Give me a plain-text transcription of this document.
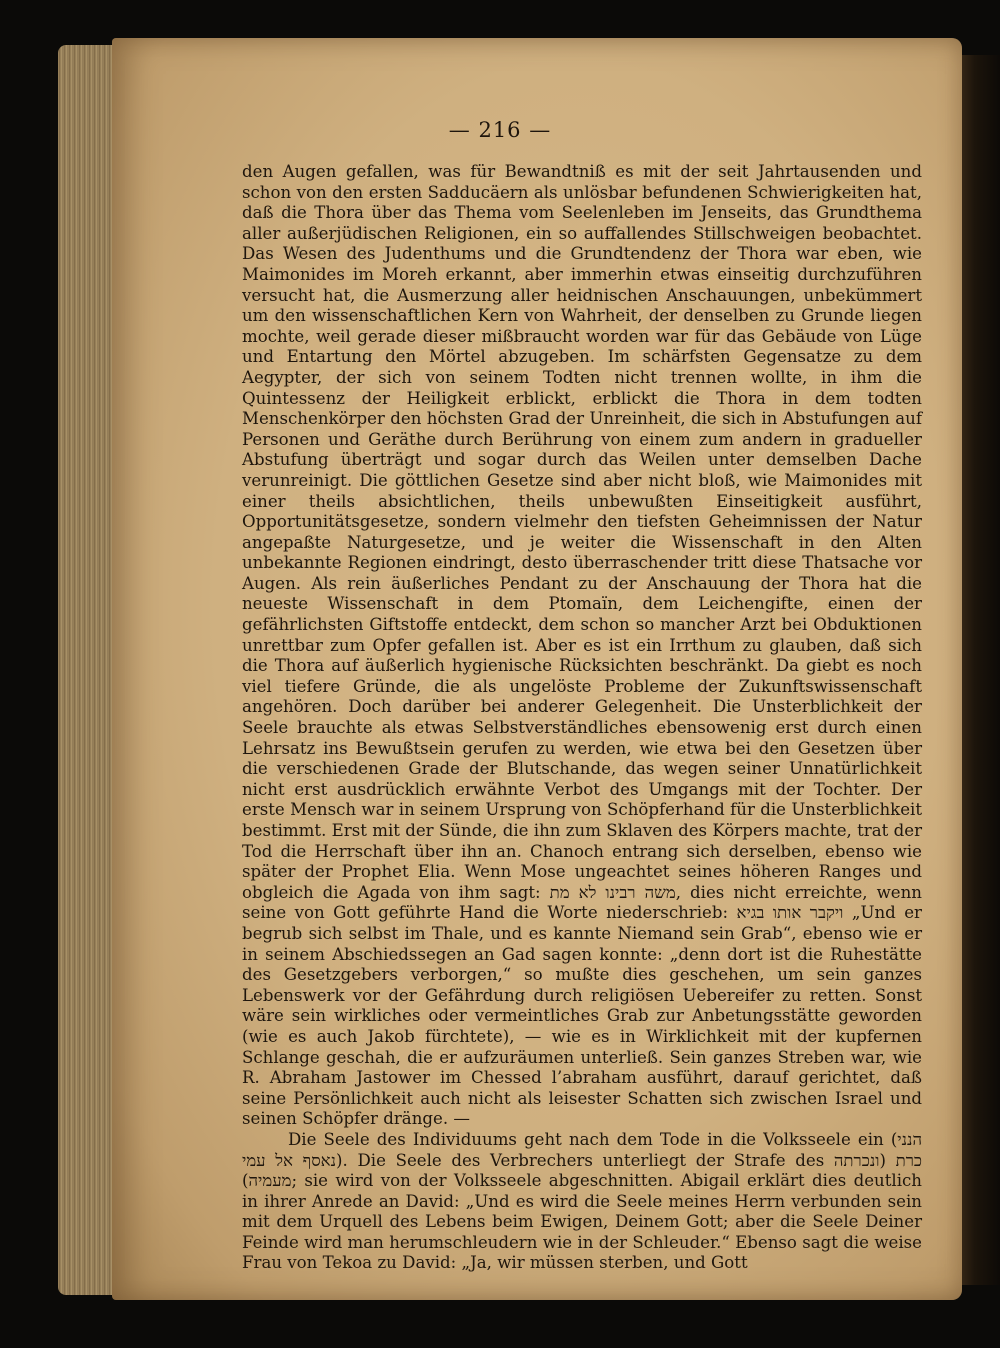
— 216 —

den Augen gefallen, was für Bewandtniß es mit der seit Jahrtausenden und schon von den ersten Sadducäern als unlösbar befundenen Schwierigkeiten hat, daß die Thora über das Thema vom Seelenleben im Jenseits, das Grundthema aller außerjüdischen Religionen, ein so auffallendes Stillschweigen beobachtet. Das Wesen des Judenthums und die Grundtendenz der Thora war eben, wie Maimonides im Moreh erkannt, aber immerhin etwas einseitig durchzuführen versucht hat, die Ausmerzung aller heidnischen Anschauungen, unbekümmert um den wissenschaftlichen Kern von Wahrheit, der denselben zu Grunde liegen mochte, weil gerade dieser mißbraucht worden war für das Gebäude von Lüge und Entartung den Mörtel abzugeben. Im schärfsten Gegensatze zu dem Aegypter, der sich von seinem Todten nicht trennen wollte, in ihm die Quintessenz der Heiligkeit erblickt, erblickt die Thora in dem todten Menschenkörper den höchsten Grad der Unreinheit, die sich in Abstufungen auf Personen und Geräthe durch Berührung von einem zum andern in gradueller Abstufung überträgt und sogar durch das Weilen unter demselben Dache verunreinigt. Die göttlichen Gesetze sind aber nicht bloß, wie Maimonides mit einer theils absichtlichen, theils unbewußten Einseitigkeit ausführt, Opportunitätsgesetze, sondern vielmehr den tiefsten Geheimnissen der Natur angepaßte Naturgesetze, und je weiter die Wissenschaft in den Alten unbekannte Regionen eindringt, desto überraschender tritt diese Thatsache vor Augen. Als rein äußerliches Pendant zu der Anschauung der Thora hat die neueste Wissenschaft in dem Ptomaïn, dem Leichengifte, einen der gefährlichsten Giftstoffe entdeckt, dem schon so mancher Arzt bei Obduktionen unrettbar zum Opfer gefallen ist. Aber es ist ein Irrthum zu glauben, daß sich die Thora auf äußerlich hygienische Rücksichten beschränkt. Da giebt es noch viel tiefere Gründe, die als ungelöste Probleme der Zukunftswissenschaft angehören. Doch darüber bei anderer Gelegenheit. Die Unsterblichkeit der Seele brauchte als etwas Selbstverständliches ebensowenig erst durch einen Lehrsatz ins Bewußtsein gerufen zu werden, wie etwa bei den Gesetzen über die verschiedenen Grade der Blutschande, das wegen seiner Unnatürlichkeit nicht erst ausdrücklich erwähnte Verbot des Umgangs mit der Tochter. Der erste Mensch war in seinem Ursprung von Schöpferhand für die Unsterblichkeit bestimmt. Erst mit der Sünde, die ihn zum Sklaven des Körpers machte, trat der Tod die Herrschaft über ihn an. Chanoch entrang sich derselben, ebenso wie später der Prophet Elia. Wenn Mose ungeachtet seines höheren Ranges und obgleich die Agada von ihm sagt: משה רבינו לא מת, dies nicht erreichte, wenn seine von Gott geführte Hand die Worte niederschrieb: ויקבר אותו בגיא „Und er begrub sich selbst im Thale, und es kannte Niemand sein Grab“, ebenso wie er in seinem Abschiedssegen an Gad sagen konnte: „denn dort ist die Ruhestätte des Gesetzgebers verborgen,“ so mußte dies geschehen, um sein ganzes Lebenswerk vor der Gefährdung durch religiösen Uebereifer zu retten. Sonst wäre sein wirkliches oder vermeintliches Grab zur Anbetungsstätte geworden (wie es auch Jakob fürchtete), — wie es in Wirklichkeit mit der kupfernen Schlange geschah, die er aufzuräumen unterließ. Sein ganzes Streben war, wie R. Abraham Jastower im Chessed l’abraham ausführt, darauf gerichtet, daß seine Persönlichkeit auch nicht als leisester Schatten sich zwischen Israel und seinen Schöpfer dränge. —

Die Seele des Individuums geht nach dem Tode in die Volksseele ein (הנני נאסף אל עמי). Die Seele des Verbrechers unterliegt der Strafe des כרת (ונכרתה מעמיה); sie wird von der Volksseele abgeschnitten. Abigail erklärt dies deutlich in ihrer Anrede an David: „Und es wird die Seele meines Herrn verbunden sein mit dem Urquell des Lebens beim Ewigen, Deinem Gott; aber die Seele Deiner Feinde wird man herumschleudern wie in der Schleuder.“ Ebenso sagt die weise Frau von Tekoa zu David: „Ja, wir müssen sterben, und Gott
